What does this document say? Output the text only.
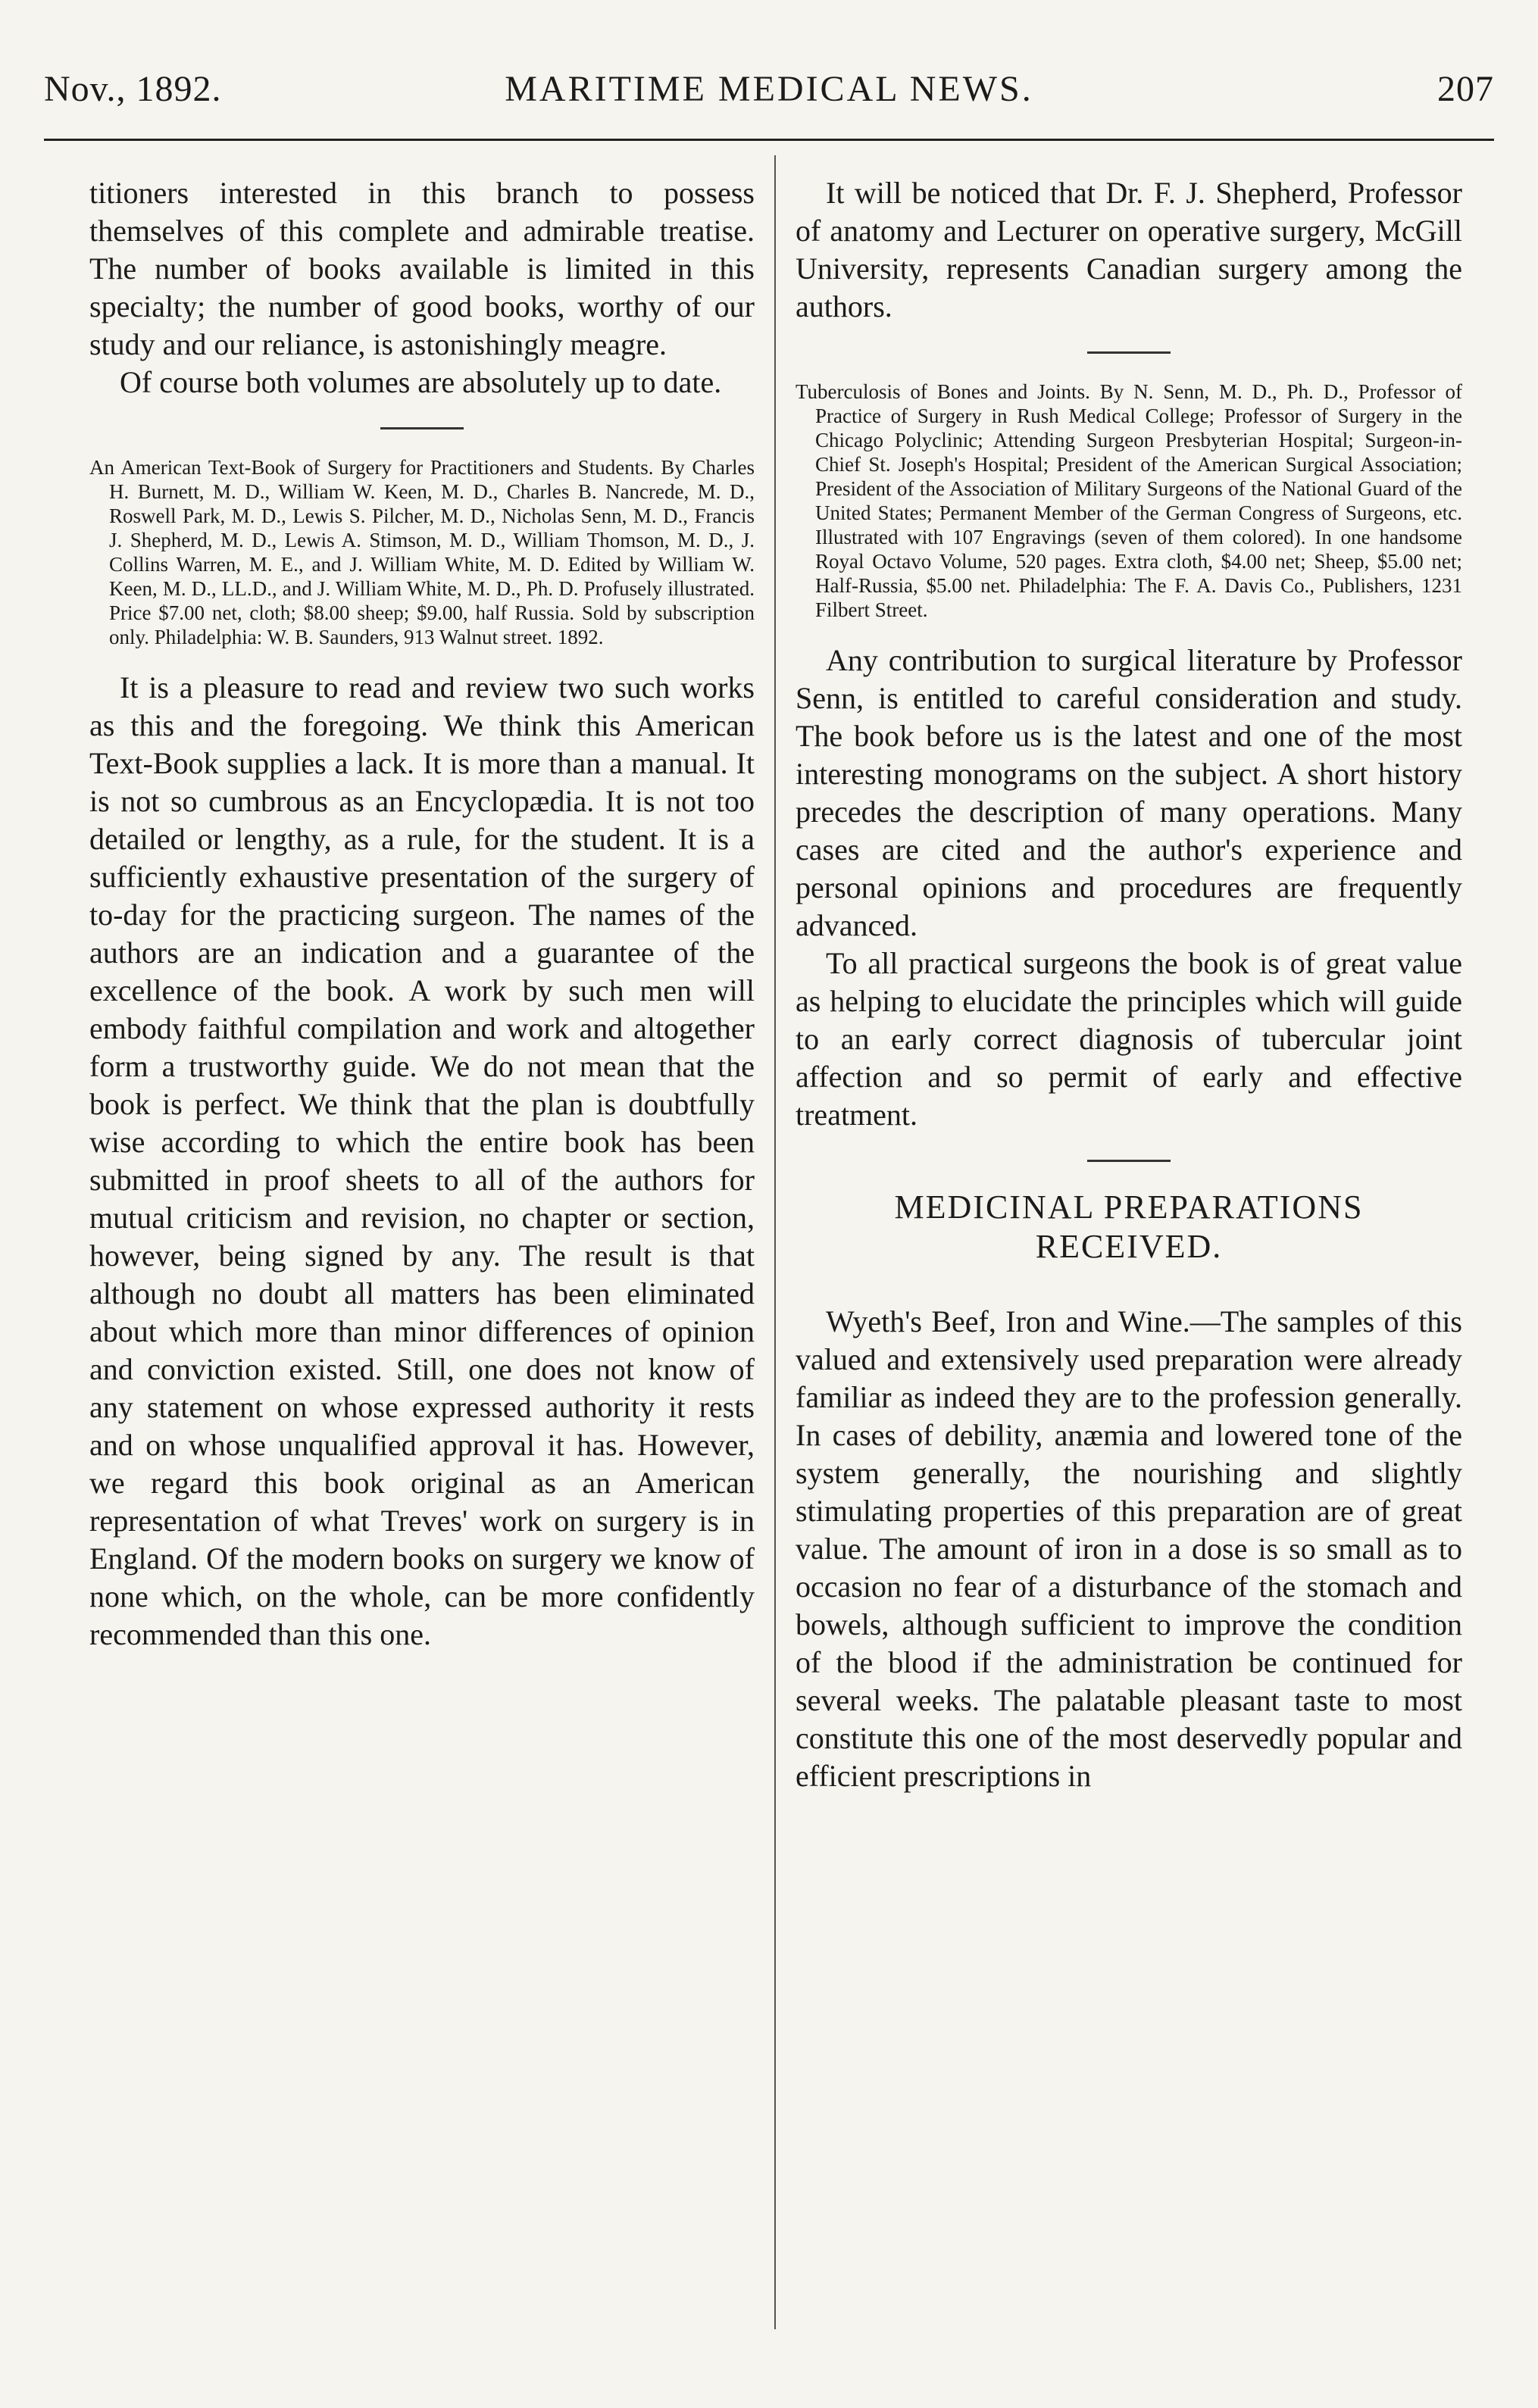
Nov., 1892.	MARITIME MEDICAL NEWS.	207

titioners interested in this branch to possess themselves of this complete and admirable treatise. The number of books available is limited in this specialty; the number of good books, worthy of our study and our reliance, is astonishingly meagre.

Of course both volumes are absolutely up to date.

An American Text-Book of Surgery for Practitioners and Students. By Charles H. Burnett, M. D., William W. Keen, M. D., Charles B. Nancrede, M. D., Roswell Park, M. D., Lewis S. Pilcher, M. D., Nicholas Senn, M. D., Francis J. Shepherd, M. D., Lewis A. Stimson, M. D., William Thomson, M. D., J. Collins Warren, M. E., and J. William White, M. D. Edited by William W. Keen, M. D., LL.D., and J. William White, M. D., Ph. D. Profusely illustrated. Price $7.00 net, cloth; $8.00 sheep; $9.00, half Russia. Sold by subscription only. Philadelphia: W. B. Saunders, 913 Walnut street. 1892.

It is a pleasure to read and review two such works as this and the foregoing. We think this American Text-Book supplies a lack. It is more than a manual. It is not so cumbrous as an Encyclopædia. It is not too detailed or lengthy, as a rule, for the student. It is a sufficiently exhaustive presentation of the surgery of to-day for the practicing surgeon. The names of the authors are an indication and a guarantee of the excellence of the book. A work by such men will embody faithful compilation and work and altogether form a trustworthy guide. We do not mean that the book is perfect. We think that the plan is doubtfully wise according to which the entire book has been submitted in proof sheets to all of the authors for mutual criticism and revision, no chapter or section, however, being signed by any. The result is that although no doubt all matters has been eliminated about which more than minor differences of opinion and conviction existed. Still, one does not know of any statement on whose expressed authority it rests and on whose unqualified approval it has. However, we regard this book original as an American representation of what Treves' work on surgery is in England. Of the modern books on surgery we know of none which, on the whole, can be more confidently recommended than this one.

It will be noticed that Dr. F. J. Shepherd, Professor of anatomy and Lecturer on operative surgery, McGill University, represents Canadian surgery among the authors.

Tuberculosis of Bones and Joints. By N. Senn, M. D., Ph. D., Professor of Practice of Surgery in Rush Medical College; Professor of Surgery in the Chicago Polyclinic; Attending Surgeon Presbyterian Hospital; Surgeon-in-Chief St. Joseph's Hospital; President of the American Surgical Association; President of the Association of Military Surgeons of the National Guard of the United States; Permanent Member of the German Congress of Surgeons, etc. Illustrated with 107 Engravings (seven of them colored). In one handsome Royal Octavo Volume, 520 pages. Extra cloth, $4.00 net; Sheep, $5.00 net; Half-Russia, $5.00 net. Philadelphia: The F. A. Davis Co., Publishers, 1231 Filbert Street.

Any contribution to surgical literature by Professor Senn, is entitled to careful consideration and study. The book before us is the latest and one of the most interesting monograms on the subject. A short history precedes the description of many operations. Many cases are cited and the author's experience and personal opinions and procedures are frequently advanced.

To all practical surgeons the book is of great value as helping to elucidate the principles which will guide to an early correct diagnosis of tubercular joint affection and so permit of early and effective treatment.

MEDICINAL PREPARATIONS
RECEIVED.

Wyeth's Beef, Iron and Wine.—The samples of this valued and extensively used preparation were already familiar as indeed they are to the profession generally. In cases of debility, anæmia and lowered tone of the system generally, the nourishing and slightly stimulating properties of this preparation are of great value. The amount of iron in a dose is so small as to occasion no fear of a disturbance of the stomach and bowels, although sufficient to improve the condition of the blood if the administration be continued for several weeks. The palatable pleasant taste to most constitute this one of the most deservedly popular and efficient prescriptions in
